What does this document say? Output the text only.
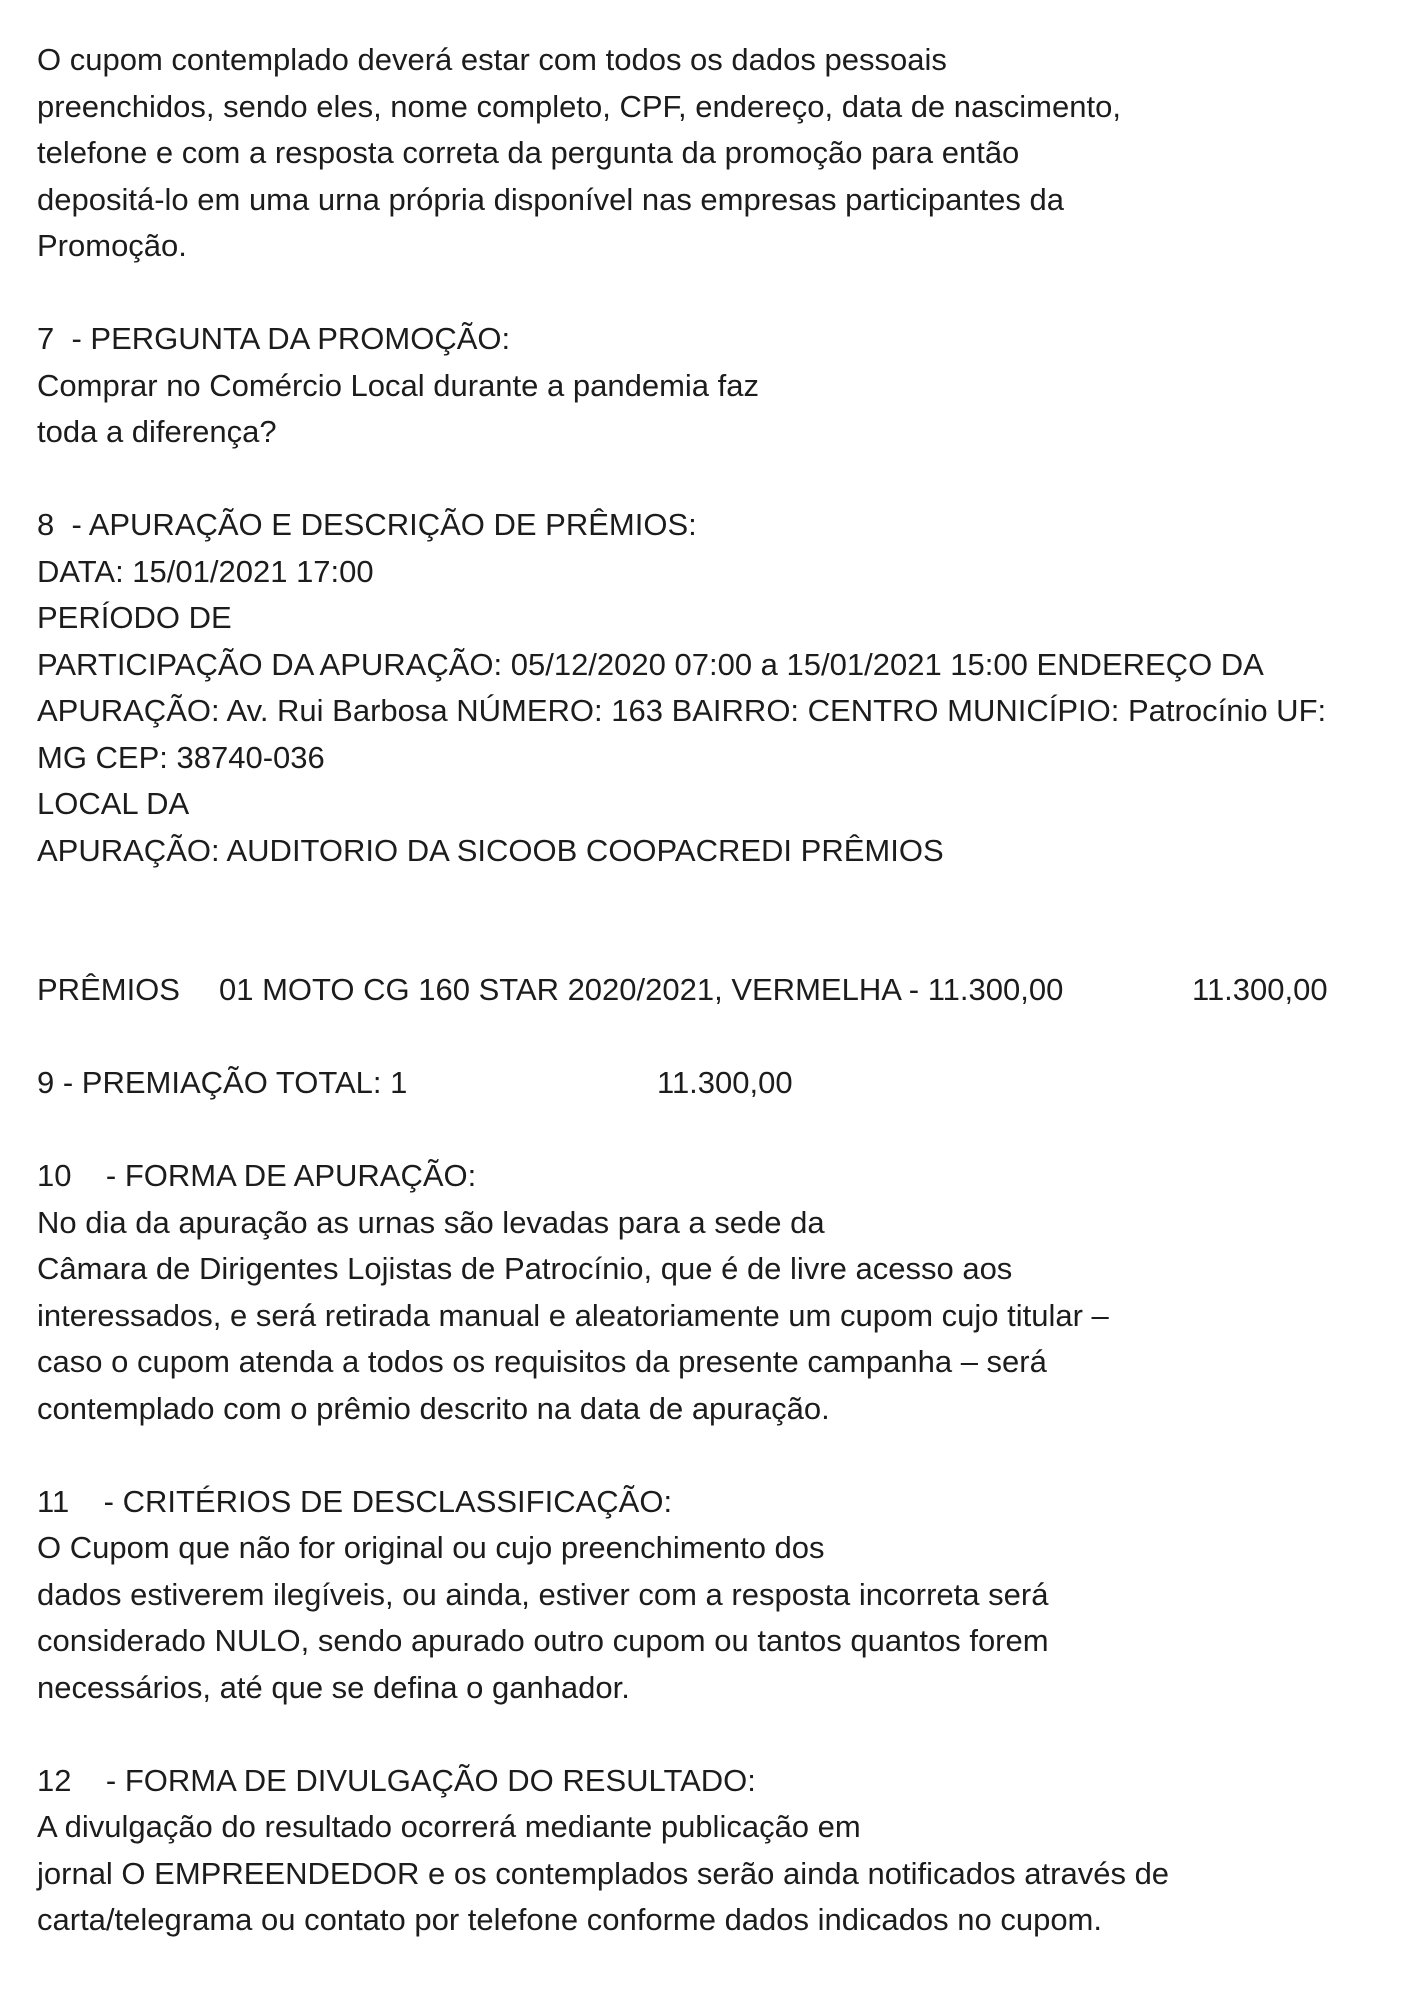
O cupom contemplado deverá estar com todos os dados pessoais
preenchidos, sendo eles, nome completo, CPF, endereço, data de nascimento,
telefone e com a resposta correta da pergunta da promoção para então
depositá-lo em uma urna própria disponível nas empresas participantes da
Promoção.
7  - PERGUNTA DA PROMOÇÃO:
Comprar no Comércio Local durante a pandemia faz
toda a diferença?
8  - APURAÇÃO E DESCRIÇÃO DE PRÊMIOS:
DATA: 15/01/2021 17:00
PERÍODO DE
PARTICIPAÇÃO DA APURAÇÃO: 05/12/2020 07:00 a 15/01/2021 15:00 ENDEREÇO DA
APURAÇÃO: Av. Rui Barbosa NÚMERO: 163 BAIRRO: CENTRO MUNICÍPIO: Patrocínio UF:
MG CEP: 38740-036
LOCAL DA
APURAÇÃO: AUDITORIO DA SICOOB COOPACREDI PRÊMIOS

PRÊMIOS

01 MOTO CG 160 STAR 2020/2021, VERMELHA - 11.300,00

	11.300,00

9 - PREMIAÇÃO TOTAL: 1

	11.300,00

10    - FORMA DE APURAÇÃO:
No dia da apuração as urnas são levadas para a sede da
Câmara de Dirigentes Lojistas de Patrocínio, que é de livre acesso aos
interessados, e será retirada manual e aleatoriamente um cupom cujo titular –
caso o cupom atenda a todos os requisitos da presente campanha – será
contemplado com o prêmio descrito na data de apuração.
11    - CRITÉRIOS DE DESCLASSIFICAÇÃO:
O Cupom que não for original ou cujo preenchimento dos
dados estiverem ilegíveis, ou ainda, estiver com a resposta incorreta será
considerado NULO, sendo apurado outro cupom ou tantos quantos forem
necessários, até que se defina o ganhador.
12    - FORMA DE DIVULGAÇÃO DO RESULTADO:
A divulgação do resultado ocorrerá mediante publicação em
jornal O EMPREENDEDOR e os contemplados serão ainda notificados através de
carta/telegrama ou contato por telefone conforme dados indicados no cupom.
